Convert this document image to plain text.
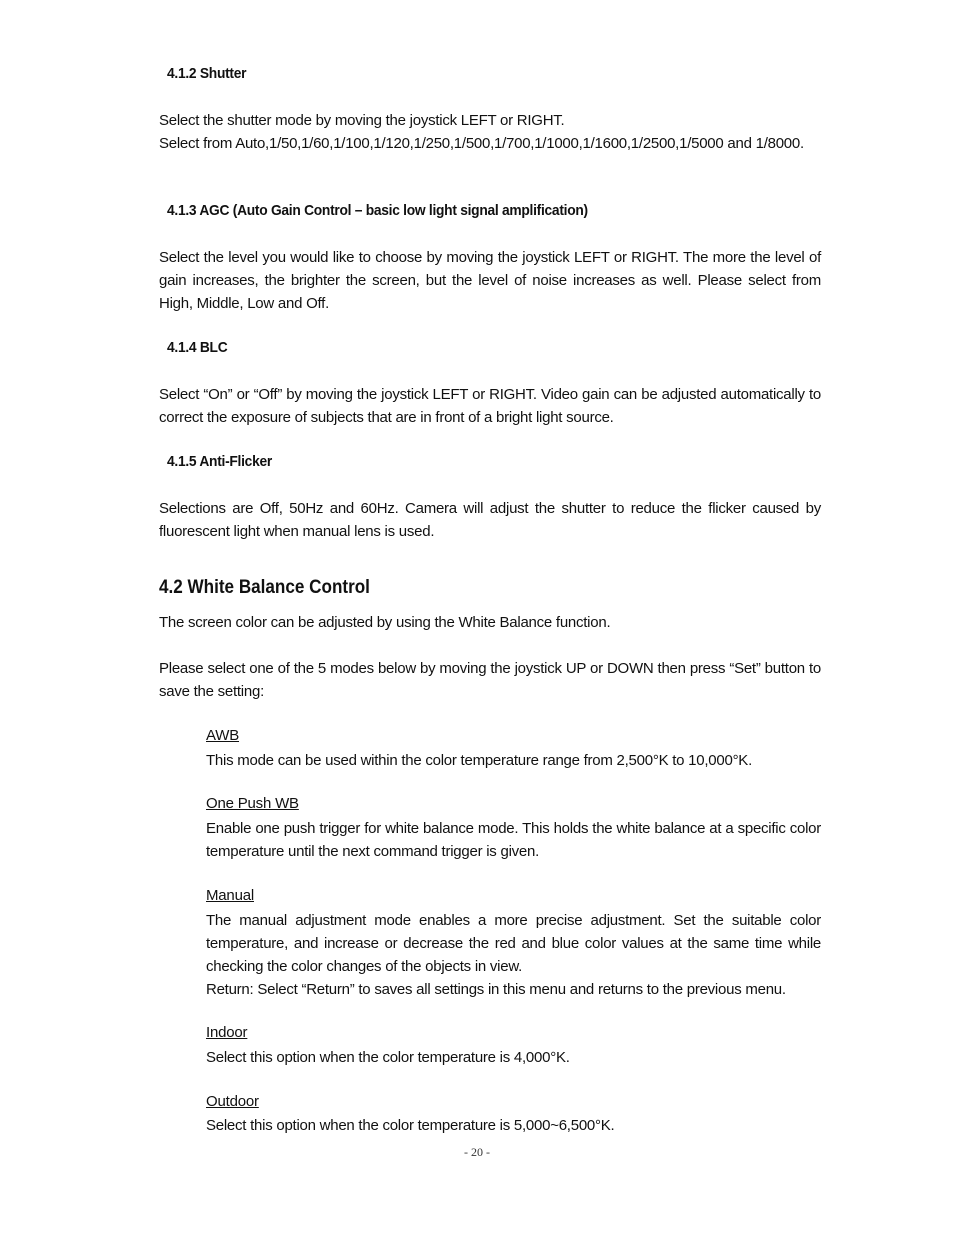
4.1.2 Shutter
Select the shutter mode by moving the joystick LEFT or RIGHT.
Select from Auto,1/50,1/60,1/100,1/120,1/250,1/500,1/700,1/1000,1/1600,1/2500,1/5000 and 1/8000.
4.1.3 AGC (Auto Gain Control – basic low light signal amplification)
Select the level you would like to choose by moving the joystick LEFT or RIGHT. The more the level of gain increases, the brighter the screen, but the level of noise increases as well. Please select from High, Middle, Low and Off.
4.1.4 BLC
Select “On” or “Off” by moving the joystick LEFT or RIGHT. Video gain can be adjusted automatically to correct the exposure of subjects that are in front of a bright light source.
4.1.5 Anti-Flicker
Selections are Off, 50Hz and 60Hz. Camera will adjust the shutter to reduce the flicker caused by fluorescent light when manual lens is used.
4.2 White Balance Control
The screen color can be adjusted by using the White Balance function.
Please select one of the 5 modes below by moving the joystick UP or DOWN then press “Set” button to save the setting:
AWB
This mode can be used within the color temperature range from 2,500°K to 10,000°K.
One Push WB
Enable one push trigger for white balance mode. This holds the white balance at a specific color temperature until the next command trigger is given.
Manual

The manual adjustment mode enables a more precise adjustment. Set the suitable color temperature, and increase or decrease the red and blue color values at the same time while checking the color changes of the objects in view.

Return: Select “Return” to saves all settings in this menu and returns to the previous menu.

Indoor
Select this option when the color temperature is 4,000°K.
Outdoor
Select this option when the color temperature is 5,000~6,500°K.
- 20 -
